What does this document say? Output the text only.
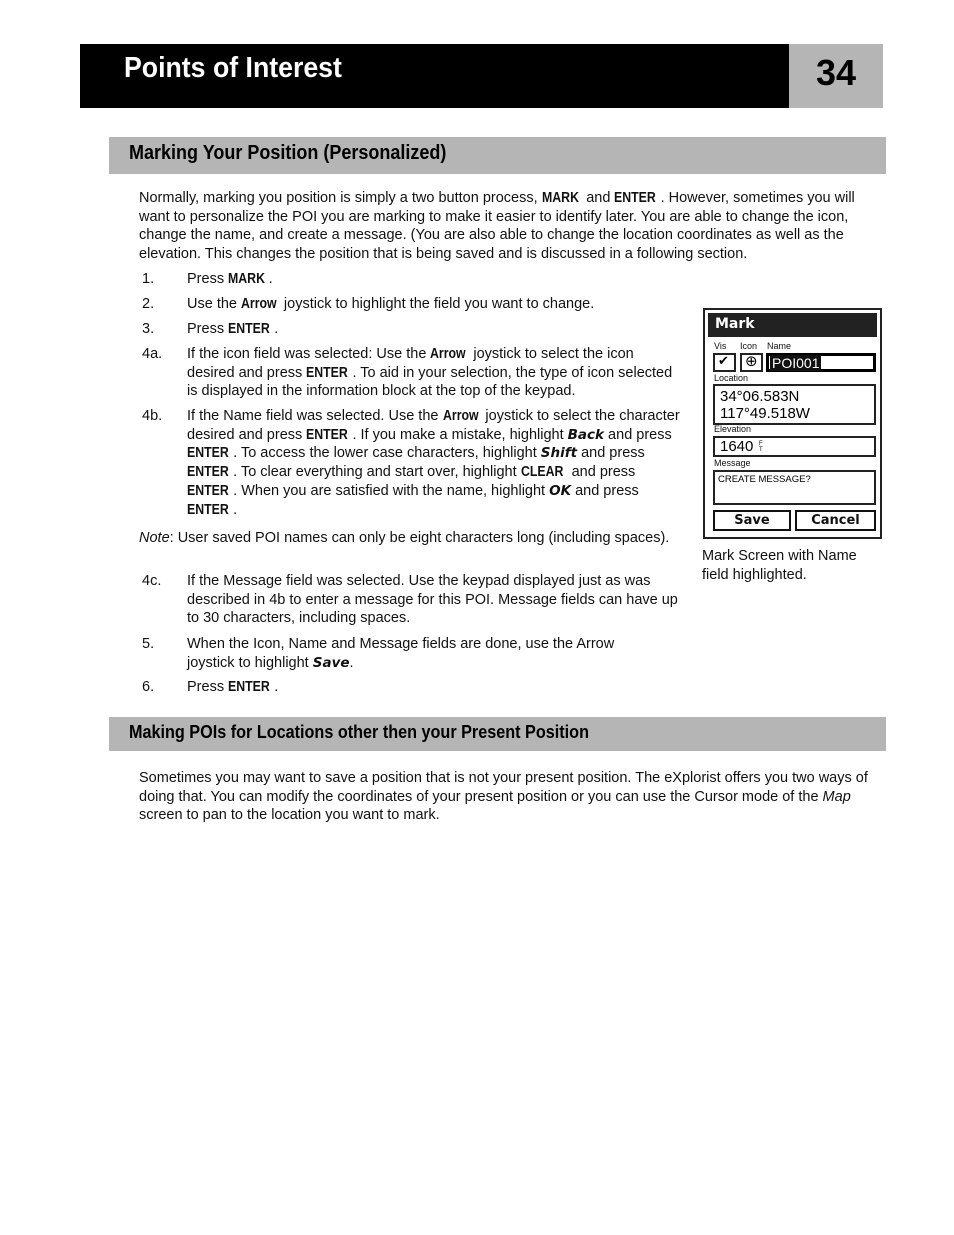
Points of Interest	34
Marking Your Position (Personalized)
Normally, marking you position is simply a two button process, MARK and ENTER . However, sometimes you will want to personalize the POI you are marking to make it easier to identify later. You are able to change the icon, change the name, and create a message. (You are also able to change the location coordinates as well as the elevation. This changes the position that is being saved and is discussed in a following section.
1. Press MARK .
2. Use the Arrow joystick to highlight the field you want to change.
3. Press ENTER .
4a. If the icon field was selected: Use the Arrow joystick to select the icon desired and press ENTER . To aid in your selection, the type of icon selected is displayed in the information block at the top of the keypad.
4b. If the Name field was selected. Use the Arrow joystick to select the character desired and press ENTER . If you make a mistake, highlight Back and press ENTER . To access the lower case characters, highlight Shift and press ENTER . To clear everything and start over, highlight CLEAR and press ENTER . When you are satisfied with the name, highlight OK and press ENTER .
Note: User saved POI names can only be eight characters long (including spaces).
4c. If the Message field was selected. Use the keypad displayed just as was described in 4b to enter a message for this POI. Message fields can have up to 30 characters, including spaces.
5. When the Icon, Name and Message fields are done, use the Arrow joystick to highlight Save.
6. Press ENTER .
Mark
Vis Icon Name
✔ ⊕ POI001
Location
34°06.583N
117°49.518W
Elevation
1640 FT
Message
CREATE MESSAGE?
Save	Cancel
Mark Screen with Name field highlighted.
Making POIs for Locations other then your Present Position
Sometimes you may want to save a position that is not your present position. The eXplorist offers you two ways of doing that. You can modify the coordinates of your present position or you can use the Cursor mode of the Map screen to pan to the location you want to mark.
